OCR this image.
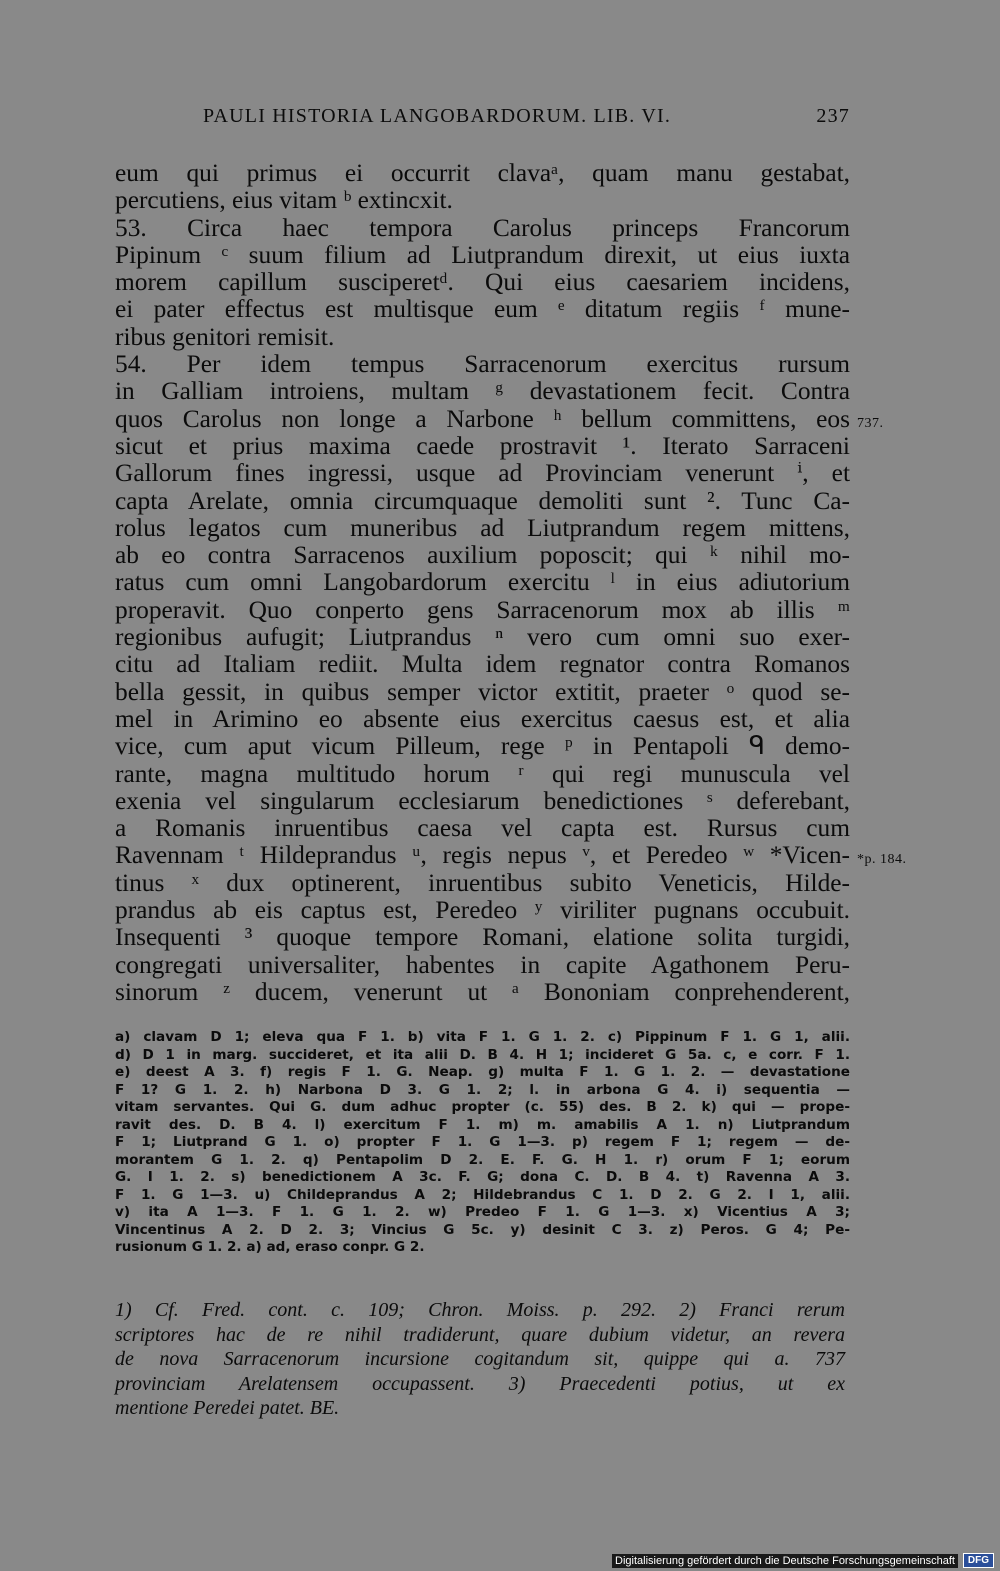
PAULI HISTORIA LANGOBARDORUM. LIB. VI.	237
eum qui primus ei occurrit clavaᵃ, quam manu gestabat,
percutiens, eius vitam ᵇ extincxit.
53. Circa haec tempora Carolus princeps Francorum
Pipinum ᶜ suum filium ad Liutprandum direxit, ut eius iuxta
morem capillum susciperetᵈ. Qui eius caesariem incidens,
ei pater effectus est multisque eum ᵉ ditatum regiis ᶠ mune-
ribus genitori remisit.
54. Per idem tempus Sarracenorum exercitus rursum
in Galliam introiens, multam ᵍ devastationem fecit. Contra
quos Carolus non longe a Narbone ʰ bellum committens, eos 737.
sicut et prius maxima caede prostravit ¹. Iterato Sarraceni
Gallorum fines ingressi, usque ad Provinciam venerunt ⁱ, et
capta Arelate, omnia circumquaque demoliti sunt ². Tunc Ca-
rolus legatos cum muneribus ad Liutprandum regem mittens,
ab eo contra Sarracenos auxilium poposcit; qui ᵏ nihil mo-
ratus cum omni Langobardorum exercitu ˡ in eius adiutorium
properavit. Quo conperto gens Sarracenorum mox ab illis ᵐ
regionibus aufugit; Liutprandus ⁿ vero cum omni suo exer-
citu ad Italiam rediit. Multa idem regnator contra Romanos
bella gessit, in quibus semper victor extitit, praeter ᵒ quod se-
mel in Arimino eo absente eius exercitus caesus est, et alia
vice, cum aput vicum Pilleum, rege ᵖ in Pentapoli ᑫ demo-
rante, magna multitudo horum ʳ qui regi munuscula vel
exenia vel singularum ecclesiarum benedictiones ˢ deferebant,
a Romanis inruentibus caesa vel capta est. Rursus cum
Ravennam ᵗ Hildeprandus ᵘ, regis nepus ᵛ, et Peredeo ʷ *Vicen- *p. 184.
tinus ˣ dux optinerent, inruentibus subito Veneticis, Hilde-
prandus ab eis captus est, Peredeo ʸ viriliter pugnans occubuit.
Insequenti ³ quoque tempore Romani, elatione solita turgidi,
congregati universaliter, habentes in capite Agathonem Peru-
sinorum ᶻ ducem, venerunt ut ᵃ Bononiam conprehenderent,
a) clavam D 1; eleva qua F 1. b) vita F 1. G 1. 2. c) Pippinum F 1. G 1, alii.
d) D 1 in marg. succideret, et ita alii D. B 4. H 1; incideret G 5a. c, e corr. F 1.
e) deest A 3. f) regis F 1. G. Neap. g) multa F 1. G 1. 2. — devastatione
F 1? G 1. 2. h) Narbona D 3. G 1. 2; l. in arbona G 4. i) sequentia —
vitam servantes. Qui G. dum adhuc propter (c. 55) des. B 2. k) qui — prope-
ravit des. D. B 4. l) exercitum F 1. m) m. amabilis A 1. n) Liutprandum
F 1; Liutprand G 1. o) propter F 1. G 1—3. p) regem F 1; regem — de-
morantem G 1. 2. q) Pentapolim D 2. E. F. G. H 1. r) orum F 1; eorum
G. I 1. 2. s) benedictionem A 3c. F. G; dona C. D. B 4. t) Ravenna A 3.
F 1. G 1—3. u) Childeprandus A 2; Hildebrandus C 1. D 2. G 2. I 1, alii.
v) ita A 1—3. F 1. G 1. 2. w) Predeo F 1. G 1—3. x) Vicentius A 3;
Vincentinus A 2. D 2. 3; Vincius G 5c. y) desinit C 3. z) Peros. G 4; Pe-
rusionum G 1. 2. a) ad, eraso conpr. G 2.
1) Cf. Fred. cont. c. 109; Chron. Moiss. p. 292. 2) Franci rerum
scriptores hac de re nihil tradiderunt, quare dubium videtur, an revera
de nova Sarracenorum incursione cogitandum sit, quippe qui a. 737
provinciam Arelatensem occupassent. 3) Praecedenti potius, ut ex
mentione Peredei patet. BE.
Digitalisierung gefördert durch die Deutsche Forschungsgemeinschaft	DFG
